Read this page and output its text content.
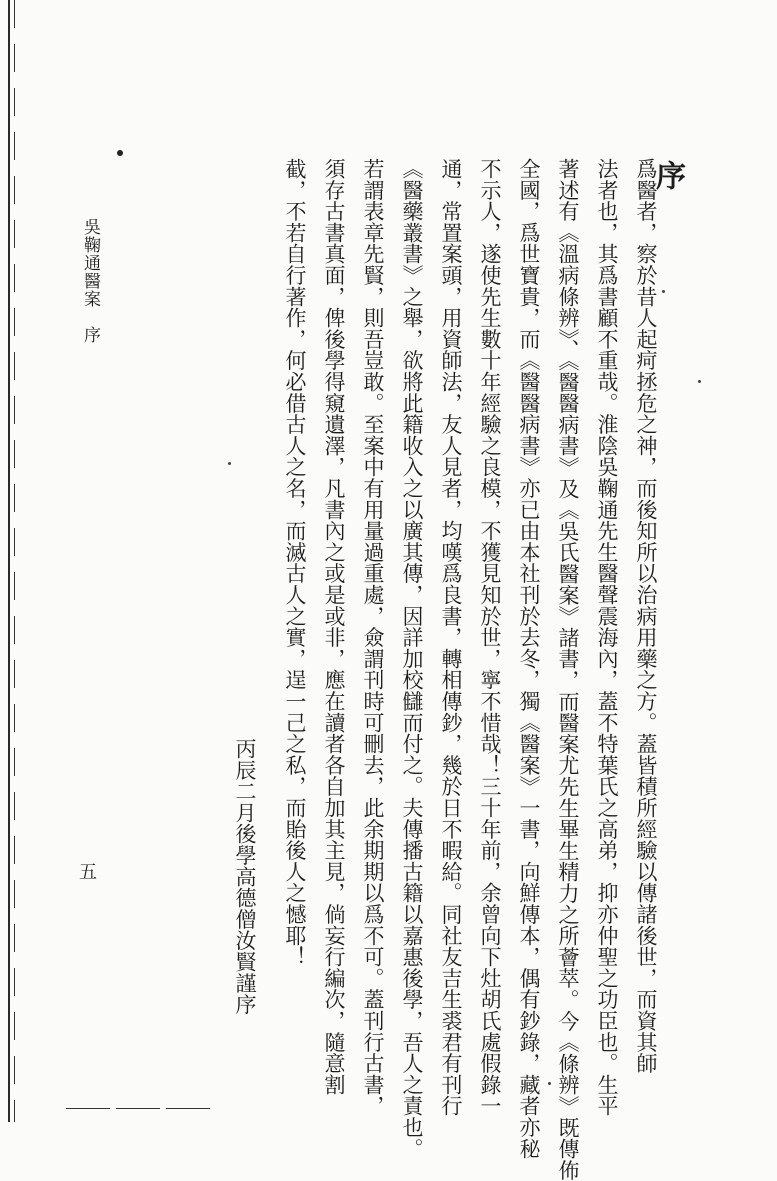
吳鞠通醫案序
五
序

爲醫者，察於昔人起疴拯危之神，而後知所以治病用藥之方。蓋皆積所經驗以傳諸後世，而資其師

法者也，其爲書顧不重哉。淮陰吳鞠通先生醫聲震海內，蓋不特葉氏之高弟，抑亦仲聖之功臣也。生平

著述有《溫病條辨》、《醫醫病書》及《吳氏醫案》諸書，而醫案尤先生畢生精力之所薈萃。今《條辨》既傳佈

全國，爲世寶貴，而《醫醫病書》亦已由本社刊於去冬，獨《醫案》一書，向鮮傳本，偶有鈔錄，藏者亦秘

不示人，遂使先生數十年經驗之良模，不獲見知於世，寧不惜哉！三十年前，余曾向下灶胡氏處假錄一

通，常置案頭，用資師法，友人見者，均嘆爲良書，轉相傳鈔，幾於日不暇給。同社友吉生裘君有刊行

《醫藥叢書》之舉，欲將此籍收入之以廣其傳，因詳加校讎而付之。夫傳播古籍以嘉惠後學，吾人之責也。

若謂表章先賢，則吾豈敢。至案中有用量過重處，僉謂刊時可刪去，此余期期以爲不可。蓋刊行古書，

須存古書真面，俾後學得窺遺澤，凡書內之或是或非，應在讀者各自加其主見，倘妄行編次，隨意割

截，不若自行著作，何必借古人之名，而滅古人之實，逞一己之私，而貽後人之憾耶！

丙辰二月後學高德僧汝賢謹序
